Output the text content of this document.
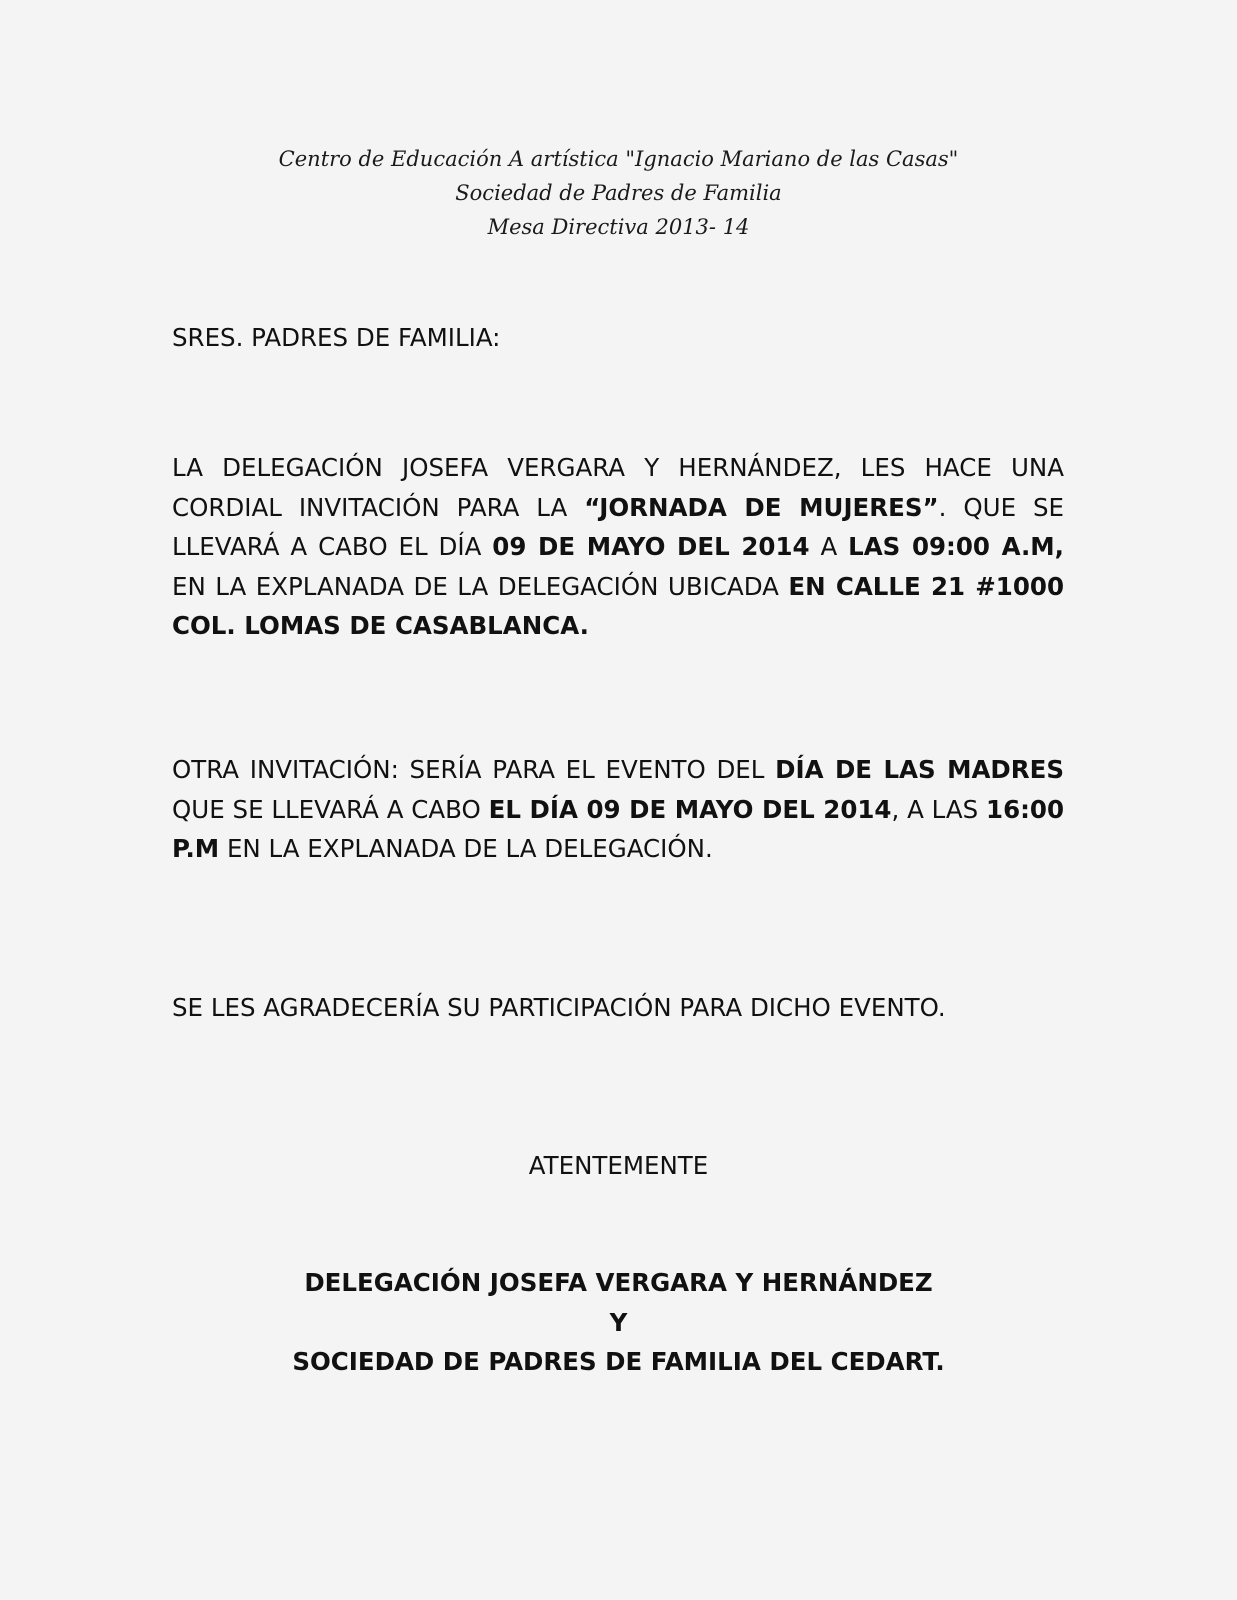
Centro de Educación A artística "Ignacio Mariano de las Casas"
Sociedad de Padres de Familia
Mesa Directiva 2013- 14
SRES. PADRES DE FAMILIA:
LA DELEGACIÓN JOSEFA VERGARA Y HERNÁNDEZ, LES HACE UNA CORDIAL INVITACIÓN PARA LA “JORNADA DE MUJERES”. QUE SE LLEVARÁ A CABO EL DÍA 09 DE MAYO DEL 2014 A LAS 09:00 A.M, EN LA EXPLANADA DE LA DELEGACIÓN UBICADA EN CALLE 21 #1000 COL. LOMAS DE CASABLANCA.
OTRA INVITACIÓN: SERÍA PARA EL EVENTO DEL DÍA DE LAS MADRES QUE SE LLEVARÁ A CABO EL DÍA 09 DE MAYO DEL 2014, A LAS 16:00 P.M EN LA EXPLANADA DE LA DELEGACIÓN.
SE LES AGRADECERÍA SU PARTICIPACIÓN PARA DICHO EVENTO.
ATENTEMENTE
DELEGACIÓN JOSEFA VERGARA Y HERNÁNDEZ
Y
SOCIEDAD DE PADRES DE FAMILIA DEL CEDART.
